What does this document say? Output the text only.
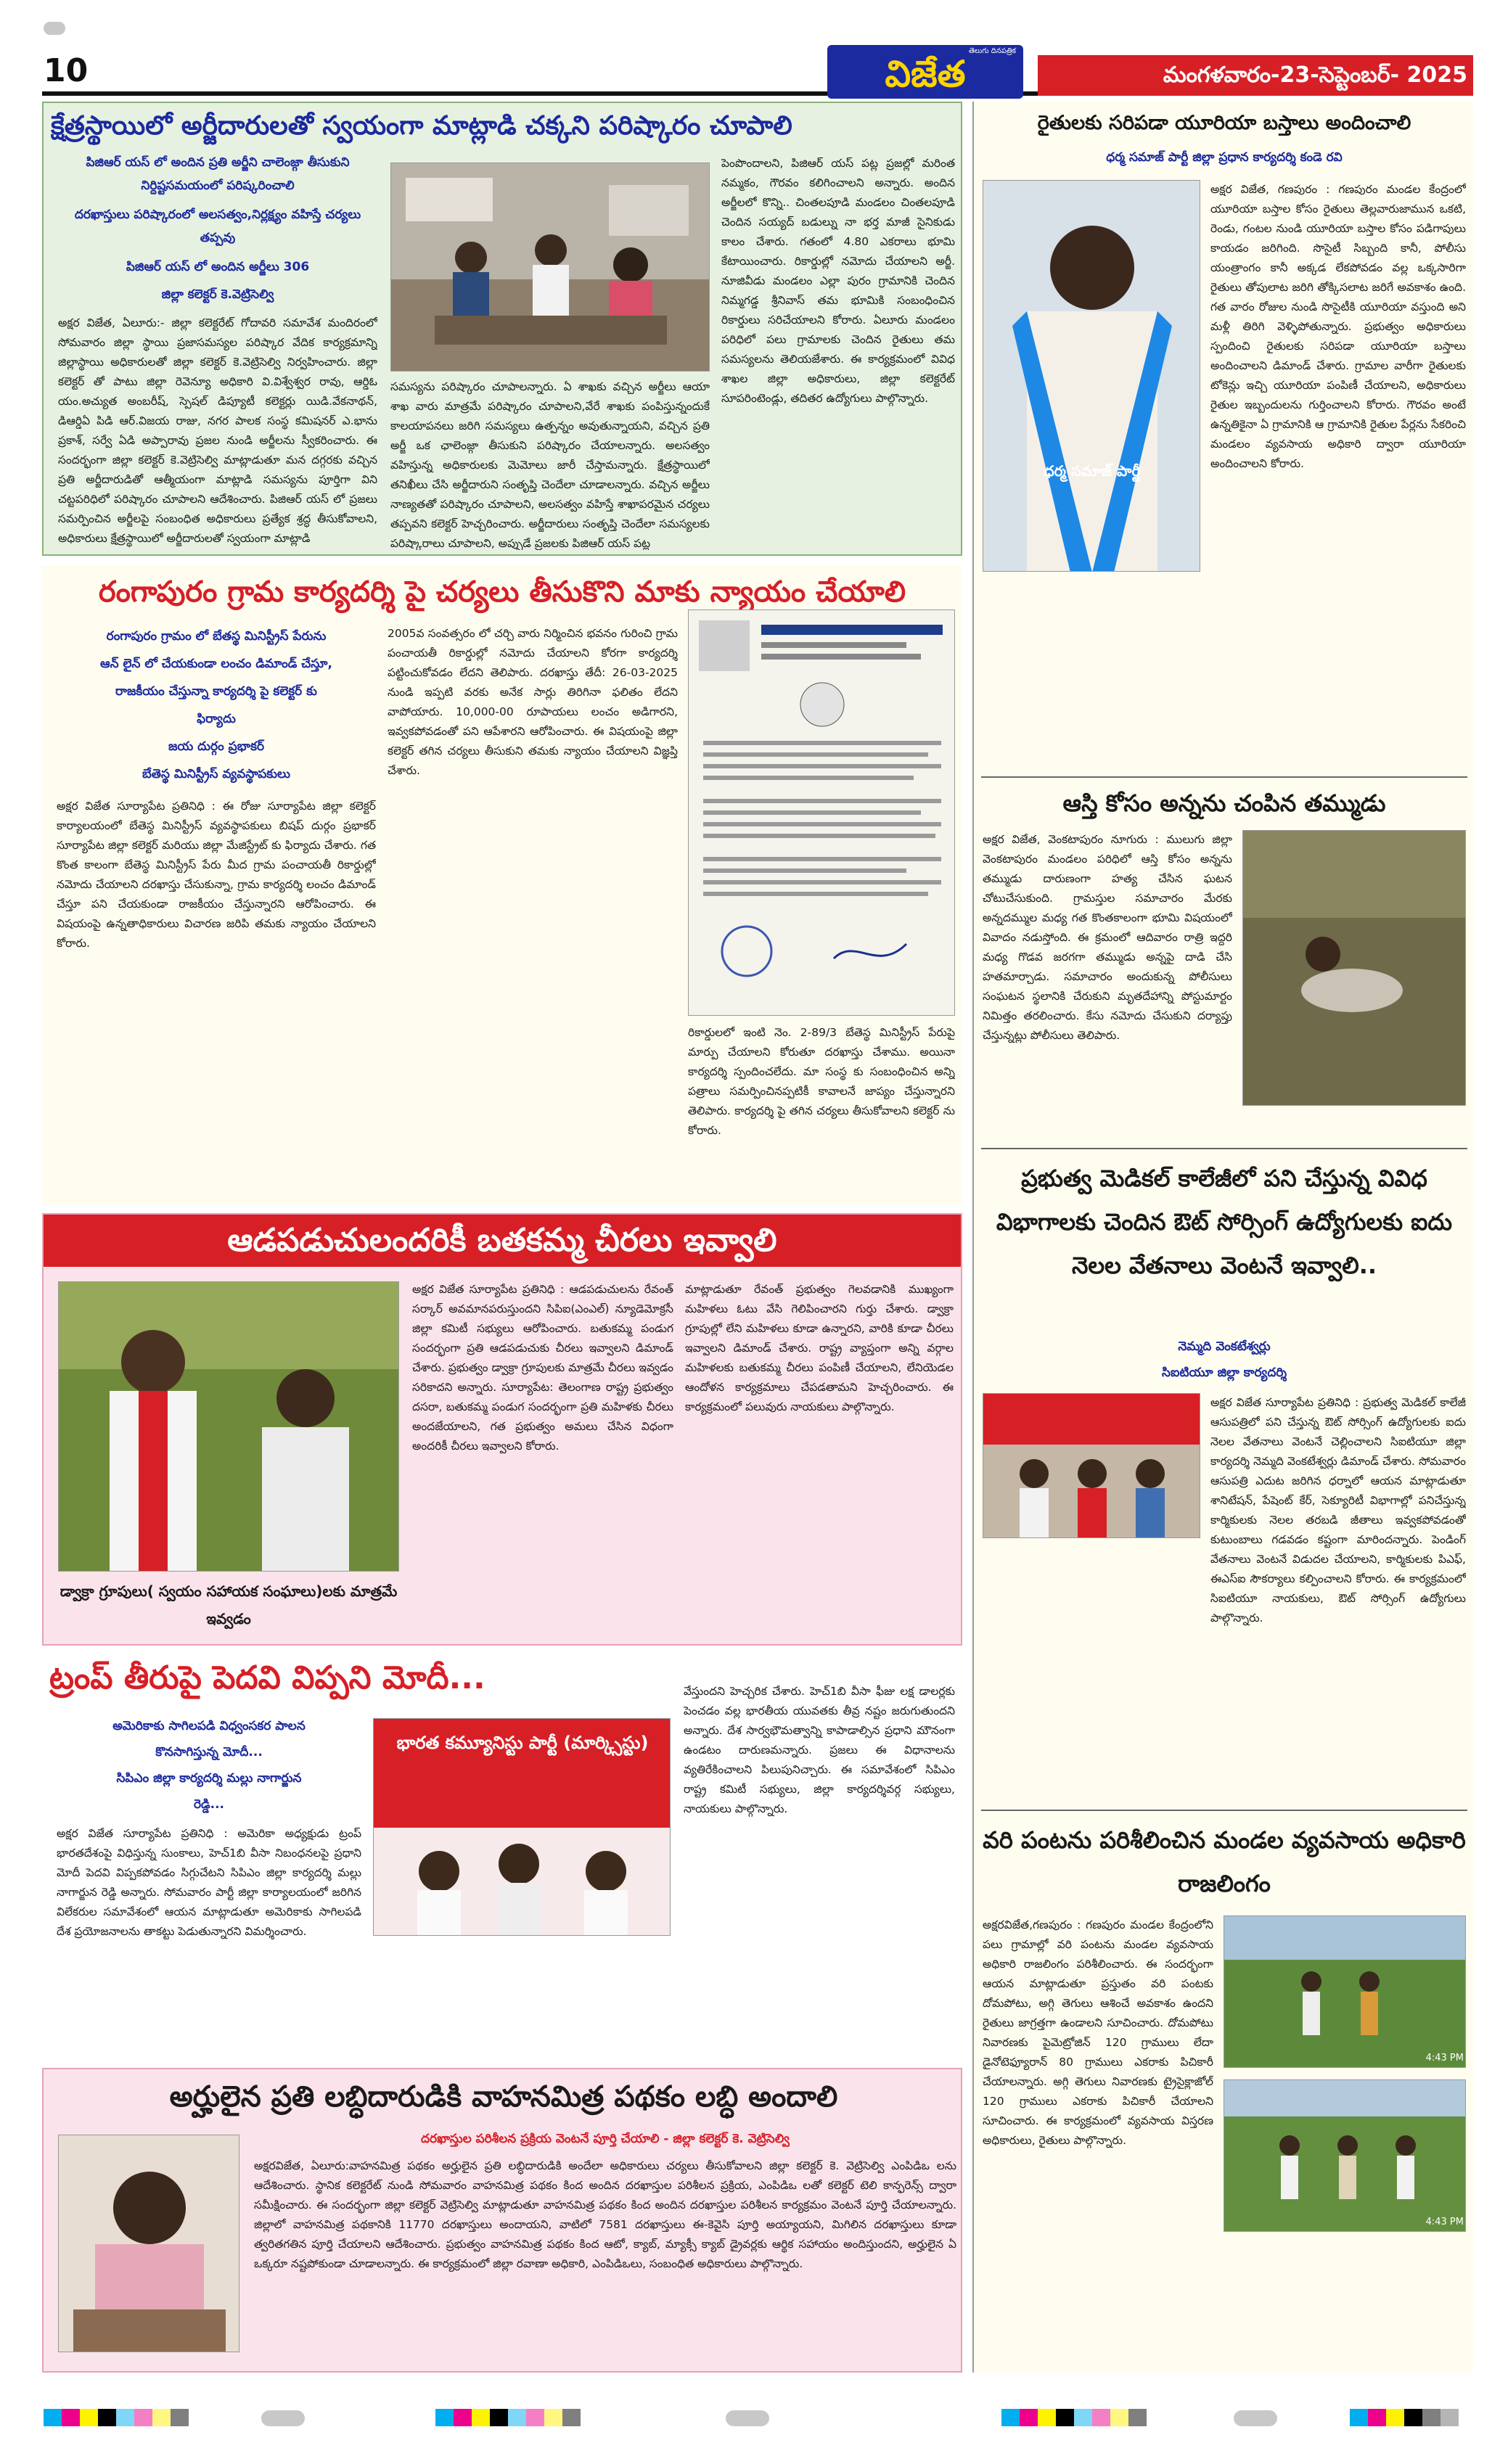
10
తెలుగు దినపత్రిక
విజేత	మంగళవారం-23-సెప్టెంబర్- 2025
క్షేత్రస్థాయిలో అర్జీదారులతో స్వయంగా మాట్లాడి చక్కని పరిష్కారం చూపాలి
పిజిఆర్ యస్ లో అందిన ప్రతి అర్జీని చాలెంజ్గా తీసుకుని నిర్దిష్టసమయంలో పరిష్కరించాలి
దరఖాస్తులు పరిష్కారంలో అలసత్వం,నిర్లక్ష్యం వహిస్తే చర్యలు తప్పవు
పిజిఆర్ యస్ లో అందిన అర్జీలు 306
జిల్లా కలెక్టర్ కె.వెట్రిసెల్వి
అక్షర విజేత, ఏలూరు:- జిల్లా కలెక్టరేట్ గోదావరి సమావేశ మందిరంలో సోమవారం జిల్లా స్థాయి ప్రజాసమస్యల పరిష్కార వేదిక కార్యక్రమాన్ని జిల్లాస్థాయి అధికారులతో జిల్లా కలెక్టర్ కె.వెట్రిసెల్వి నిర్వహించారు. జిల్లా కలెక్టర్ తో పాటు జిల్లా రెవెన్యూ అధికారి వి.విశ్వేశ్వర రావు, ఆర్డిఓ యం.అచ్యుత అంబరీష్, స్పెషల్ డిప్యూటీ కలెక్టర్లు యిడి.వేకనాథన్, డిఆర్డిఏ పిడి ఆర్.విజయ రాజు, నగర పాలక సంస్థ కమిషనర్ ఎ.భాను ప్రకాశ్, సర్వే ఏడి అప్పారావు ప్రజల నుండి అర్జీలను స్వీకరించారు. ఈ సందర్భంగా జిల్లా కలెక్టర్ కె.వెట్రిసెల్వి మాట్లాడుతూ మన దగ్గరకు వచ్చిన ప్రతి అర్జీదారుడితో ఆత్మీయంగా మాట్లాడి సమస్యను పూర్తిగా విని చట్టపరిధిలో పరిష్కారం చూపాలని ఆదేశించారు. పిజిఆర్ యస్ లో ప్రజలు సమర్పించిన అర్జీలపై సంబంధిత అధికారులు ప్రత్యేక శ్రద్ధ తీసుకోవాలని, అధికారులు క్షేత్రస్థాయిలో అర్జీదారులతో స్వయంగా మాట్లాడి
సమస్యను పరిష్కారం చూపాలన్నారు. ఏ శాఖకు వచ్చిన అర్జీలు ఆయా శాఖ వారు మాత్రమే పరిష్కారం చూపాలని,వేరే శాఖకు పంపిస్తున్నందుకే కాలయాపనలు జరిగి సమస్యలు ఉత్పన్నం అవుతున్నాయని, వచ్చిన ప్రతి అర్జీ ఒక ఛాలెంజ్గా తీసుకుని పరిష్కారం చేయాలన్నారు. అలసత్వం వహిస్తున్న అధికారులకు మెమోలు జారీ చేస్తామన్నారు. క్షేత్రస్థాయిలో తనిఖీలు చేసి అర్జీదారుని సంతృప్తి చెందేలా చూడాలన్నారు. వచ్చిన అర్జీలు నాణ్యతతో పరిష్కారం చూపాలని, అలసత్వం వహిస్తే శాఖాపరమైన చర్యలు తప్పవని కలెక్టర్ హెచ్చరించారు. అర్జీదారులు సంతృప్తి చెందేలా సమస్యలకు పరిష్కారాలు చూపాలని, అప్పుడే ప్రజలకు పిజిఆర్ యస్ పట్ల
పెంపొందాలని, పిజిఆర్ యస్ పట్ల ప్రజల్లో మరింత నమ్మకం, గౌరవం కలిగించాలని అన్నారు. అందిన అర్జీలలో కొన్ని.. చింతలపూడి మండలం చింతలపూడి చెందిన సయ్యద్ బడుల్ను నా భర్త మాజీ సైనికుడు కాలం చేశారు. గతంలో 4.80 ఎకరాలు భూమి కేటాయించారు. రికార్డుల్లో నమోదు చేయాలని అర్జీ. నూజివీడు మండలం ఎల్లా పురం గ్రామానికి చెందిన నిమ్మగడ్డ శ్రీనివాస్ తమ భూమికి సంబంధించిన రికార్డులు సరిచేయాలని కోరారు. ఏలూరు మండలం పరిధిలో పలు గ్రామాలకు చెందిన రైతులు తమ సమస్యలను తెలియజేశారు. ఈ కార్యక్రమంలో వివిధ శాఖల జిల్లా అధికారులు, జిల్లా కలెక్టరేట్ సూపరింటెండ్లు, తదితర ఉద్యోగులు పాల్గొన్నారు.
రంగాపురం గ్రామ కార్యదర్శి పై చర్యలు తీసుకొని మాకు న్యాయం చేయాలి
రంగాపురం గ్రామం లో బేతస్థ మినిస్ట్రీస్ పేరును
ఆన్ లైన్ లో చేయకుండా లంచం డిమాండ్ చేస్తూ,
రాజకీయం చేస్తున్నా కార్యదర్శి పై కలెక్టర్ కు
ఫిర్యాదు
జయ దుర్గం ప్రభాకర్
బేతెస్థ మినిస్ట్రీస్ వ్యవస్థాపకులు
అక్షర విజేత సూర్యాపేట ప్రతినిధి : ఈ రోజు సూర్యాపేట జిల్లా కలెక్టర్ కార్యాలయంలో బేతెస్థ మినిస్ట్రీస్ వ్యవస్థాపకులు బిషప్ దుర్గం ప్రభాకర్ సూర్యాపేట జిల్లా కలెక్టర్ మరియు జిల్లా మేజిస్ట్రేట్ కు ఫిర్యాదు చేశారు. గత కొంత కాలంగా బేతెస్థ మినిస్ట్రీస్ పేరు మీద గ్రామ పంచాయతీ రికార్డుల్లో నమోదు చేయాలని దరఖాస్తు చేసుకున్నా, గ్రామ కార్యదర్శి లంచం డిమాండ్ చేస్తూ పని చేయకుండా రాజకీయం చేస్తున్నారని ఆరోపించారు. ఈ విషయంపై ఉన్నతాధికారులు విచారణ జరిపి తమకు న్యాయం చేయాలని కోరారు.
2005వ సంవత్సరం లో చర్చి వారు నిర్మించిన భవనం గురించి గ్రామ పంచాయతీ రికార్డుల్లో నమోదు చేయాలని కోరగా కార్యదర్శి పట్టించుకోవడం లేదని తెలిపారు. దరఖాస్తు తేదీ: 26-03-2025 నుండి ఇప్పటి వరకు అనేక సార్లు తిరిగినా ఫలితం లేదని వాపోయారు. 10,000-00 రూపాయలు లంచం అడిగారని, ఇవ్వకపోవడంతో పని ఆపేశారని ఆరోపించారు. ఈ విషయంపై జిల్లా కలెక్టర్ తగిన చర్యలు తీసుకుని తమకు న్యాయం చేయాలని విజ్ఞప్తి చేశారు.
రికార్డులలో ఇంటి నెం. 2-89/3 బేతెస్థ మినిస్ట్రీస్ పేరుపై మార్పు చేయాలని కోరుతూ దరఖాస్తు చేశాము. అయినా కార్యదర్శి స్పందించలేదు. మా సంస్థ కు సంబంధించిన అన్ని పత్రాలు సమర్పించినప్పటికీ కావాలనే జాప్యం చేస్తున్నారని తెలిపారు. కార్యదర్శి పై తగిన చర్యలు తీసుకోవాలని కలెక్టర్ ను కోరారు.
ఆడపడుచులందరికీ బతకమ్మ చీరలు ఇవ్వాలి
డ్వాక్రా గ్రూపులు( స్వయం సహాయక సంఘాలు)లకు మాత్రమే ఇవ్వడం
అక్షర విజేత సూర్యాపేట ప్రతినిధి : ఆడపడుచులను రేవంత్ సర్కార్ అవమానపరుస్తుందని సిపిఐ(ఎంఎల్) న్యూడెమోక్రసీ జిల్లా కమిటీ సభ్యులు ఆరోపించారు. బతుకమ్మ పండుగ సందర్భంగా ప్రతి ఆడపడుచుకు చీరలు ఇవ్వాలని డిమాండ్ చేశారు. ప్రభుత్వం డ్వాక్రా గ్రూపులకు మాత్రమే చీరలు ఇవ్వడం సరికాదని అన్నారు. సూర్యాపేట: తెలంగాణ రాష్ట్ర ప్రభుత్వం దసరా, బతుకమ్మ పండుగ సందర్భంగా ప్రతి మహిళకు చీరలు అందజేయాలని, గత ప్రభుత్వం అమలు చేసిన విధంగా అందరికీ చీరలు ఇవ్వాలని కోరారు.
మాట్లాడుతూ రేవంత్ ప్రభుత్వం గెలవడానికి ముఖ్యంగా మహిళలు ఓటు వేసి గెలిపించారని గుర్తు చేశారు. డ్వాక్రా గ్రూపుల్లో లేని మహిళలు కూడా ఉన్నారని, వారికి కూడా చీరలు ఇవ్వాలని డిమాండ్ చేశారు. రాష్ట్ర వ్యాప్తంగా అన్ని వర్గాల మహిళలకు బతుకమ్మ చీరలు పంపిణీ చేయాలని, లేనియెడల ఆందోళన కార్యక్రమాలు చేపడతామని హెచ్చరించారు. ఈ కార్యక్రమంలో పలువురు నాయకులు పాల్గొన్నారు.
ట్రంప్ తీరుపై పెదవి విప్పని మోదీ...
అమెరికాకు సాగిలపడి విధ్వంసకర పాలన
కొనసాగిస్తున్న మోదీ...
సిపిఎం జిల్లా కార్యదర్శి మల్లు నాగార్జున
రెడ్డి...
అక్షర విజేత సూర్యాపేట ప్రతినిధి : అమెరికా అధ్యక్షుడు ట్రంప్ భారతదేశంపై విధిస్తున్న సుంకాలు, హెచ్1బి వీసా నిబంధనలపై ప్రధాని మోదీ పెదవి విప్పకపోవడం సిగ్గుచేటని సిపిఎం జిల్లా కార్యదర్శి మల్లు నాగార్జున రెడ్డి అన్నారు. సోమవారం పార్టీ జిల్లా కార్యాలయంలో జరిగిన విలేకరుల సమావేశంలో ఆయన మాట్లాడుతూ అమెరికాకు సాగిలపడి దేశ ప్రయోజనాలను తాకట్టు పెడుతున్నారని విమర్శించారు.
భారత కమ్యూనిస్టు పార్టీ (మార్క్సిస్టు)
వేస్తుందని హెచ్చరిక చేశారు. హెచ్1బి వీసా ఫీజు లక్ష డాలర్లకు పెంచడం వల్ల భారతీయ యువతకు తీవ్ర నష్టం జరుగుతుందని అన్నారు. దేశ సార్వభౌమత్వాన్ని కాపాడాల్సిన ప్రధాని మౌనంగా ఉండటం దారుణమన్నారు. ప్రజలు ఈ విధానాలను వ్యతిరేకించాలని పిలుపునిచ్చారు. ఈ సమావేశంలో సిపిఎం రాష్ట్ర కమిటీ సభ్యులు, జిల్లా కార్యదర్శివర్గ సభ్యులు, నాయకులు పాల్గొన్నారు.
అర్హులైన ప్రతి లబ్ధిదారుడికి వాహనమిత్ర పథకం లబ్ధి అందాలి
దరఖాస్తుల పరిశీలన ప్రక్రియ వెంటనే పూర్తి చేయాలి - జిల్లా కలెక్టర్ కె. వెట్రిసెల్వి
అక్షరవిజేత, ఏలూరు:వాహనమిత్ర పథకం అర్హులైన ప్రతి లబ్ధిదారుడికి అందేలా అధికారులు చర్యలు తీసుకోవాలని జిల్లా కలెక్టర్ కె. వెట్రిసెల్వి ఎంపిడిఒ లను ఆదేశించారు. స్థానిక కలెక్టరేట్ నుండి సోమవారం వాహనమిత్ర పథకం కింద అందిన దరఖాస్తుల పరిశీలన ప్రక్రియ, ఎంపిడిఒ లతో కలెక్టర్ టెలి కాన్ఫరెన్స్ ద్వారా సమీక్షించారు. ఈ సందర్భంగా జిల్లా కలెక్టర్ వెట్రిసెల్వి మాట్లాడుతూ వాహనమిత్ర పథకం కింద అందిన దరఖాస్తుల పరిశీలన కార్యక్రమం వెంటనే పూర్తి చేయాలన్నారు. జిల్లాలో వాహనమిత్ర పథకానికి 11770 దరఖాస్తులు అందాయని, వాటిలో 7581 దరఖాస్తులు ఈ-కెవైసి పూర్తి అయ్యాయని, మిగిలిన దరఖాస్తులు కూడా త్వరితగతిన పూర్తి చేయాలని ఆదేశించారు. ప్రభుత్వం వాహనమిత్ర పథకం కింద ఆటో, క్యాబ్, మ్యాక్సీ క్యాబ్ డ్రైవర్లకు ఆర్థిక సహాయం అందిస్తుందని, అర్హులైన ఏ ఒక్కరూ నష్టపోకుండా చూడాలన్నారు. ఈ కార్యక్రమంలో జిల్లా రవాణా అధికారి, ఎంపిడిఒలు, సంబంధిత అధికారులు పాల్గొన్నారు.
రైతులకు సరిపడా యూరియా బస్తాలు అందించాలి
ధర్మ సమాజ్ పార్టీ జిల్లా ప్రధాన కార్యదర్శి కండె రవి
ధర్మ సమాజ్ పార్టీ
అక్షర విజేత, గణపురం : గణపురం మండల కేంద్రంలో యూరియా బస్తాల కోసం రైతులు తెల్లవారుజామున ఒకటి, రెండు, గంటల నుండి యూరియా బస్తాల కోసం పడిగాపులు కాయడం జరిగింది. సొసైటీ సిబ్బంది కానీ, పోలీసు యంత్రాంగం కానీ అక్కడ లేకపోవడం వల్ల ఒక్కసారిగా రైతులు తోపులాట జరిగి తోక్కిసలాట జరిగే అవకాశం ఉంది. గత వారం రోజుల నుండి సొసైటీకి యూరియా వస్తుంది అని మళ్లీ తిరిగి వెళ్ళిపోతున్నారు. ప్రభుత్వం అధికారులు స్పందించి రైతులకు సరిపడా యూరియా బస్తాలు అందించాలని డిమాండ్ చేశారు. గ్రామాల వారీగా రైతులకు టోకెన్లు ఇచ్చి యూరియా పంపిణీ చేయాలని, అధికారులు రైతుల ఇబ్బందులను గుర్తించాలని కోరారు. గౌరవం అంటే ఉన్నతికైనా ఏ గ్రామానికి ఆ గ్రామానికి రైతుల పేర్లను సేకరించి మండలం వ్యవసాయ అధికారి ద్వారా యూరియా అందించాలని కోరారు.
ఆస్తి కోసం అన్నను చంపిన తమ్ముడు
అక్షర విజేత, వెంకటాపురం నూగురు : ములుగు జిల్లా వెంకటాపురం మండలం పరిధిలో ఆస్తి కోసం అన్నను తమ్ముడు దారుణంగా హత్య చేసిన ఘటన చోటుచేసుకుంది. గ్రామస్తుల సమాచారం మేరకు అన్నదమ్ముల మధ్య గత కొంతకాలంగా భూమి విషయంలో వివాదం నడుస్తోంది. ఈ క్రమంలో ఆదివారం రాత్రి ఇద్దరి మధ్య గొడవ జరగగా తమ్ముడు అన్నపై దాడి చేసి హతమార్చాడు. సమాచారం అందుకున్న పోలీసులు సంఘటన స్థలానికి చేరుకుని మృతదేహాన్ని పోస్టుమార్టం నిమిత్తం తరలించారు. కేసు నమోదు చేసుకుని దర్యాప్తు చేస్తున్నట్లు పోలీసులు తెలిపారు.
ప్రభుత్వ మెడికల్ కాలేజీలో పని చేస్తున్న వివిధ విభాగాలకు చెందిన ఔట్ సోర్సింగ్ ఉద్యోగులకు ఐదు నెలల వేతనాలు వెంటనే ఇవ్వాలి..
నెమ్మది వెంకటేశ్వర్లు
సిఐటియూ జిల్లా కార్యదర్శి
అక్షర విజేత సూర్యాపేట ప్రతినిధి : ప్రభుత్వ మెడికల్ కాలేజీ ఆసుపత్రిలో పని చేస్తున్న ఔట్ సోర్సింగ్ ఉద్యోగులకు ఐదు నెలల వేతనాలు వెంటనే చెల్లించాలని సిఐటియూ జిల్లా కార్యదర్శి నెమ్మది వెంకటేశ్వర్లు డిమాండ్ చేశారు. సోమవారం ఆసుపత్రి ఎదుట జరిగిన ధర్నాలో ఆయన మాట్లాడుతూ శానిటేషన్, పేషెంట్ కేర్, సెక్యూరిటీ విభాగాల్లో పనిచేస్తున్న కార్మికులకు నెలల తరబడి జీతాలు ఇవ్వకపోవడంతో కుటుంబాలు గడవడం కష్టంగా మారిందన్నారు. పెండింగ్ వేతనాలు వెంటనే విడుదల చేయాలని, కార్మికులకు పిఎఫ్, ఈఎస్ఐ సౌకర్యాలు కల్పించాలని కోరారు. ఈ కార్యక్రమంలో సిఐటియూ నాయకులు, ఔట్ సోర్సింగ్ ఉద్యోగులు పాల్గొన్నారు.
వరి పంటను పరిశీలించిన మండల వ్యవసాయ అధికారి రాజలింగం
అక్షరవిజేత,గణపురం : గణపురం మండల కేంద్రంలోని పలు గ్రామాల్లో వరి పంటను మండల వ్యవసాయ అధికారి రాజలింగం పరిశీలించారు. ఈ సందర్భంగా ఆయన మాట్లాడుతూ ప్రస్తుతం వరి పంటకు దోమపోటు, అగ్గి తెగులు ఆశించే అవకాశం ఉందని రైతులు జాగ్రత్తగా ఉండాలని సూచించారు. దోమపోటు నివారణకు పైమెట్రోజిన్ 120 గ్రాములు లేదా డైనోటెఫ్యూరాన్ 80 గ్రాములు ఎకరాకు పిచికారీ చేయాలన్నారు. అగ్గి తెగులు నివారణకు ట్రైసైక్లాజోల్ 120 గ్రాములు ఎకరాకు పిచికారీ చేయాలని సూచించారు. ఈ కార్యక్రమంలో వ్యవసాయ విస్తరణ అధికారులు, రైతులు పాల్గొన్నారు.
4:43 PM
4:43 PM
